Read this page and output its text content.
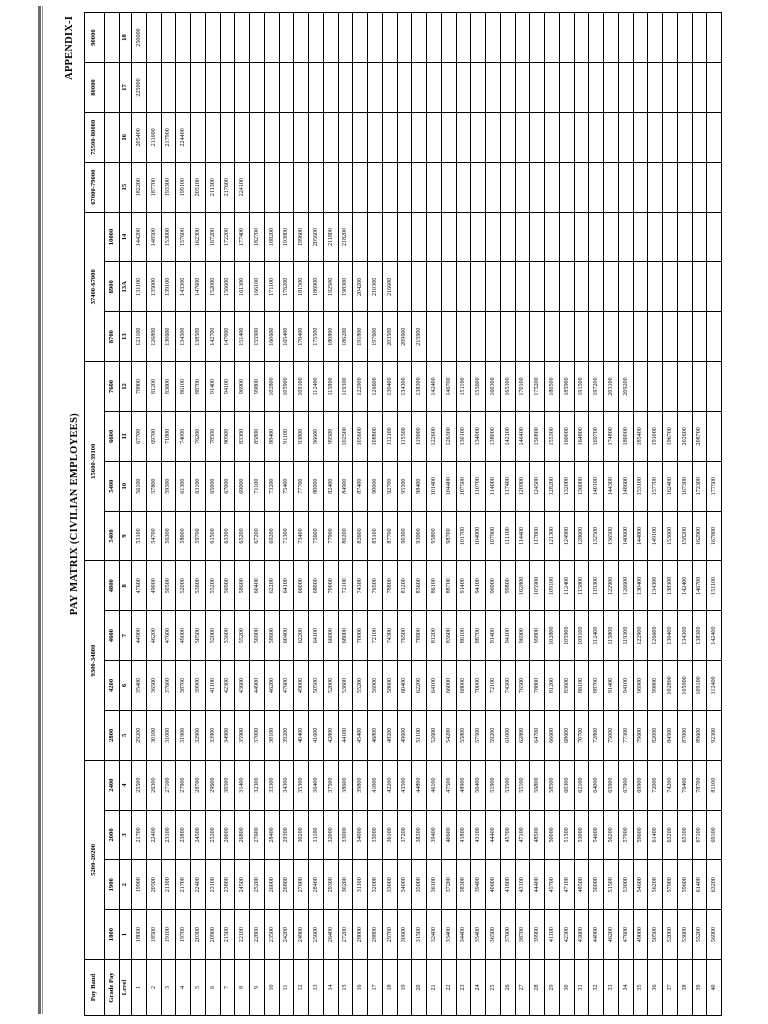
APPENDIX-I
PAY MATRIX (CIVILIAN EMPLOYEES)
Pay Band	5200-20200				9300-34800				15600-39100				37400-67000			67000-79000	75500-80000	80000	90000
Grade Pay	1800	1900	2000	2400	2800	4200	4600	4800	5400	5400	6600	7600	8700	8900	10000				
Level	1	2	3	4	5	6	7	8	9	10	11	12	13	13A	14	15	16	17	18
1	18000	19900	21700	25500	29200	35400	44900	47600	53100	56100	67700	78800	123100	131100	144200	182200	205400	225000	250000
2	18500	20500	22400	26300	30100	36500	46200	49000	54700	57800	69700	81200	126800	135000	148500	187700	211600		
3	19100	21100	23100	27100	31000	37600	47600	50500	56300	59500	71800	83600	130600	139100	153000	193300	217900		
4	19700	21700	23800	27900	31900	38700	49000	52000	58000	61300	74000	86100	134500	143300	157600	199100	224400		
5	20300	22400	24500	28700	32900	39900	50500	53600	59700	63100	76200	88700	138500	147600	162300	205100			
6	20900	23100	25200	29600	33900	41100	52000	55200	61500	65000	78500	91400	142700	152000	167200	211300			
7	21500	23800	26000	30500	34900	42300	53600	56900	63300	67000	80900	94100	147000	156600	172200	217600			
8	22100	24500	26800	31400	35900	43600	55200	58600	65200	69000	83300	96900	151400	161300	177400	224100			
9	22800	25200	27600	32300	37000	44900	56900	60400	67200	71100	85800	99800	155900	166100	182700				
10	23500	26000	28400	33300	38100	46200	58600	62200	69200	73200	88400	102800	160600	171100	188200				
11	24200	26800	29300	34300	39200	47600	60400	64100	71300	75400	91100	105900	165400	176200	193800				
12	24900	27600	30200	35300	40400	49000	62200	66000	73400	77700	93800	109100	170400	181500	199600				
13	25600	28400	31100	36400	41600	50500	64100	68000	75600	80000	96600	112400	175500	186900	205600				
14	26400	29300	32000	37500	42800	52000	66000	70000	77900	82400	99500	115800	180800	192500	211800				
15	27200	30200	33000	38600	44100	53600	68000	72100	80200	84900	102500	119300	186200	198300	218200				
16	28000	31100	34000	39800	45400	55200	70000	74300	82600	87400	105600	122900	191800	204200					
17	28800	32000	35000	41000	46800	56900	72100	76500	85100	90000	108800	126600	197600	210300					
18	29700	33000	36100	42200	48200	58600	74300	78800	87700	92700	112100	130400	203500	216600					
19	30600	34000	37200	43500	49600	60400	76500	81200	90300	95500	115500	134300	209600						
20	31500	35000	38300	44800	51100	62200	78800	83600	93000	98400	119000	138300	215900						
21	32400	36100	39400	46100	52600	64100	81200	86100	95800	101400	122600	142400							
22	33400	37200	40600	47500	54200	66000	83600	88700	98700	104400	126300	146700							
23	34400	38300	41800	48900	55800	68000	86100	91400	101700	107500	130100	151100							
24	35400	39400	43100	50400	57500	70000	88700	94100	104800	110700	134000	155600							
25	36500	40600	44400	51900	59200	72100	91400	96900	107900	114000	138000	160300							
26	37600	41800	45700	53500	61000	74300	94100	99800	111100	117400	142100	165100							
27	38700	43100	47100	55100	62800	76500	96900	102800	114400	120900	146400	170100							
28	39900	44400	48500	56800	64700	78800	99800	105900	117800	124500	150800	175200							
29	41100	45700	50000	58500	66600	81200	102800	109100	121300	128200	155300	180500							
30	42300	47100	51500	60300	68600	83600	105900	112400	124900	132000	160000	185900							
31	43600	48500	53000	62100	70700	86100	109100	115800	128600	136000	164800	191500							
32	44900	50000	54600	64000	72800	88700	112400	119300	132500	140100	169700	197200							
33	46200	51500	56200	65900	75000	91400	115800	122900	136500	144300	174800	203100							
34	47600	53000	57900	67900	77300	94100	119300	126600	140600	148600	180000	209200							
35	49000	54600	59600	69900	79600	96900	122900	130400	144800	153100	185400								
36	50500	56200	61400	72000	82000	99800	126600	134300	149100	157700	191000								
37	52000	57900	63200	74200	84500	102800	130400	138300	153600	162400	196700								
38	53600	59600	65100	76400	87000	105900	134300	142400	158200	167300	202600								
39	55200	61400	67100	78700	89600	109100	138300	146700	162900	172300	208700								
40	56900	63200	69100	81100	92300	112400	142400	151100	167800	177500									
